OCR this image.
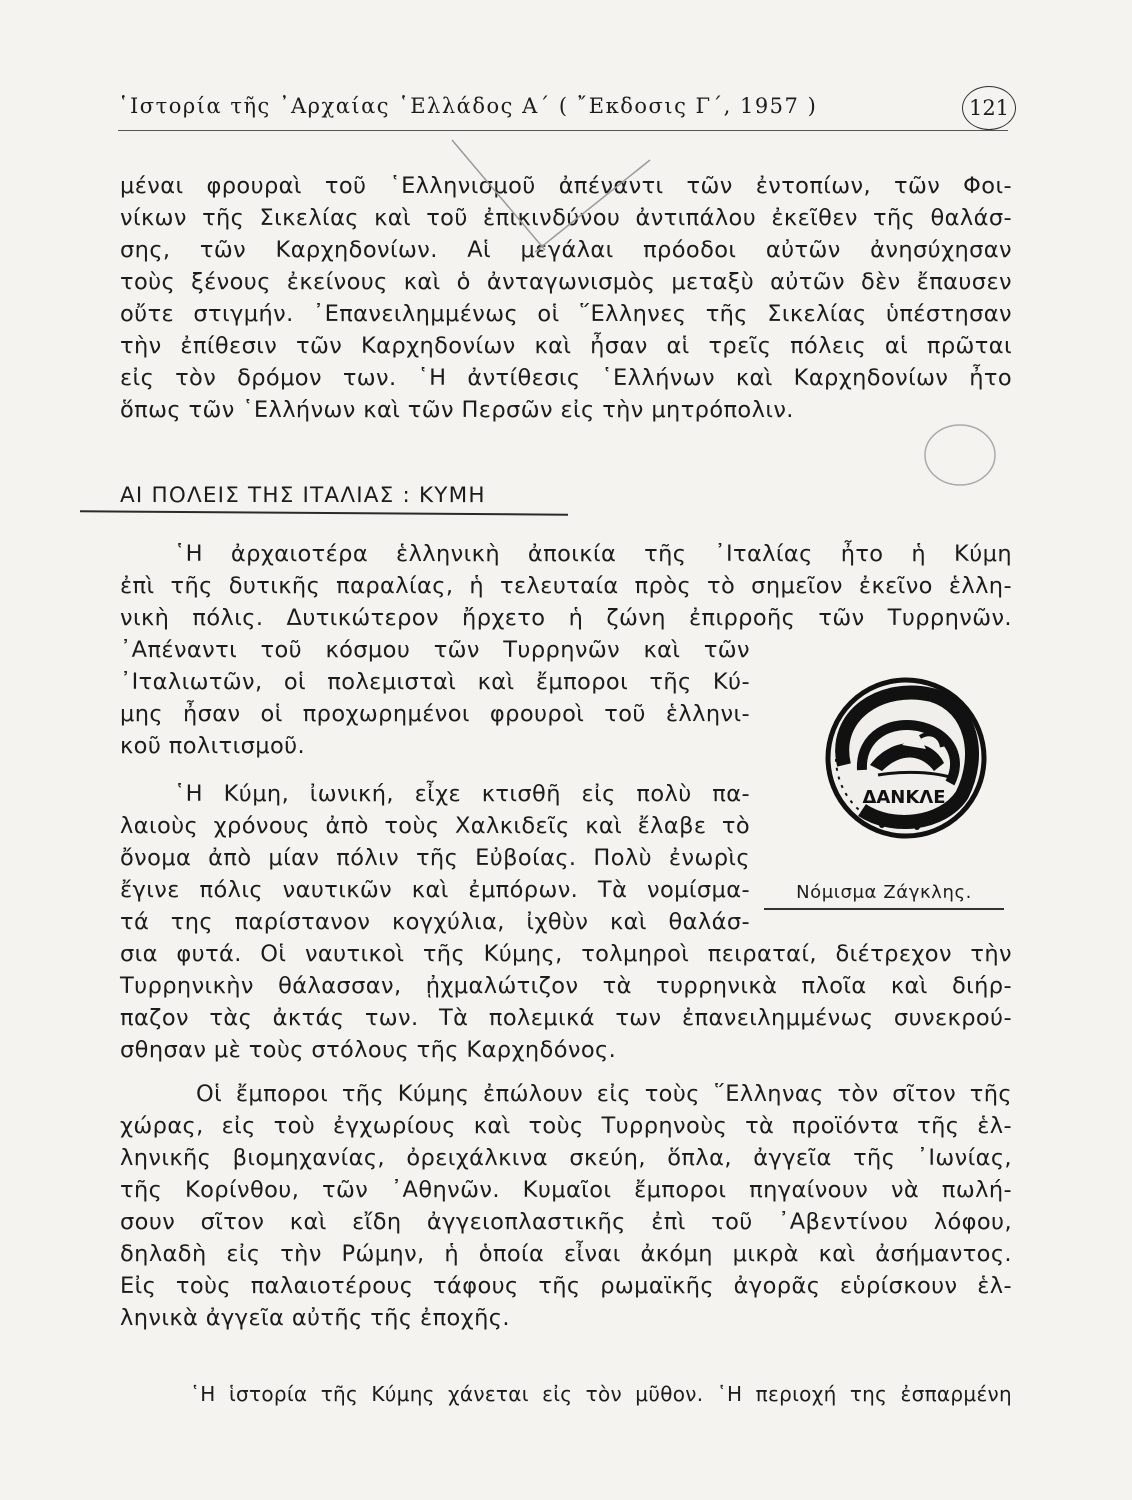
῾Ιστορία τῆς ᾿Αρχαίας ῾Ελλάδος Α΄ ( ῎Εκδοσις Γ΄, 1957 )	121
μέναι φρουραὶ τοῦ ῾Ελληνισμοῦ ἀπέναντι τῶν ἐντοπίων, τῶν Φοι-
νίκων τῆς Σικελίας καὶ τοῦ ἐπικινδύνου ἀντιπάλου ἐκεῖθεν τῆς θαλάσ-
σης, τῶν Καρχηδονίων. Αἱ μεγάλαι πρόοδοι αὐτῶν ἀνησύχησαν
τοὺς ξένους ἐκείνους καὶ ὁ ἀνταγωνισμὸς μεταξὺ αὐτῶν δὲν ἔπαυσεν
οὔτε στιγμήν. ᾿Επανειλημμένως οἱ ῞Ελληνες τῆς Σικελίας ὑπέστησαν
τὴν ἐπίθεσιν τῶν Καρχηδονίων καὶ ἦσαν αἱ τρεῖς πόλεις αἱ πρῶται
εἰς τὸν δρόμον των. ῾Η ἀντίθεσις ῾Ελλήνων καὶ Καρχηδονίων ἦτο
ὅπως τῶν ῾Ελλήνων καὶ τῶν Περσῶν εἰς τὴν μητρόπολιν.
ΑΙ ΠΟΛΕΙΣ ΤΗΣ ΙΤΑΛΙΑΣ : ΚΥΜΗ
῾Η ἀρχαιοτέρα ἑλληνικὴ ἀποικία τῆς ᾿Ιταλίας ἦτο ἡ Κύμη
ἐπὶ τῆς δυτικῆς παραλίας, ἡ τελευταία πρὸς τὸ σημεῖον ἐκεῖνο ἑλλη-
νικὴ πόλις. Δυτικώτερον ἤρχετο ἡ ζώνη ἐπιρροῆς τῶν Τυρρηνῶν.
᾿Απέναντι τοῦ κόσμου τῶν Τυρρηνῶν καὶ τῶν
᾿Ιταλιωτῶν, οἱ πολεμισταὶ καὶ ἔμποροι τῆς Κύ-
μης ἦσαν οἱ προχωρημένοι φρουροὶ τοῦ ἑλληνι-
κοῦ πολιτισμοῦ.
῾Η Κύμη, ἰωνική, εἶχε κτισθῆ εἰς πολὺ πα-
λαιοὺς χρόνους ἀπὸ τοὺς Χαλκιδεῖς καὶ ἔλαβε τὸ
ὄνομα ἀπὸ μίαν πόλιν τῆς Εὐβοίας. Πολὺ ἐνωρὶς
ἔγινε πόλις ναυτικῶν καὶ ἐμπόρων. Τὰ νομίσμα-
τά της παρίστανον κογχύλια, ἰχθὺν καὶ θαλάσ-
σια φυτά. Οἱ ναυτικοὶ τῆς Κύμης, τολμηροὶ πειραταί, διέτρεχον τὴν
Τυρρηνικὴν θάλασσαν, ᾐχμαλώτιζον τὰ τυρρηνικὰ πλοῖα καὶ διήρ-
παζον τὰς ἀκτάς των. Τὰ πολεμικά των ἐπανειλημμένως συνεκρού-
σθησαν μὲ τοὺς στόλους τῆς Καρχηδόνος.
Οἱ ἔμποροι τῆς Κύμης ἐπώλουν εἰς τοὺς ῞Ελληνας τὸν σῖτον τῆς
χώρας, εἰς τοὺ ἐγχωρίους καὶ τοὺς Τυρρηνοὺς τὰ προϊόντα τῆς ἑλ-
ληνικῆς βιομηχανίας, ὀρειχάλκινα σκεύη, ὅπλα, ἀγγεῖα τῆς ᾿Ιωνίας,
τῆς Κορίνθου, τῶν ᾿Αθηνῶν. Κυμαῖοι ἔμποροι πηγαίνουν νὰ πωλή-
σουν σῖτον καὶ εἴδη ἀγγειοπλαστικῆς ἐπὶ τοῦ ᾿Αβεντίνου λόφου,
δηλαδὴ εἰς τὴν Ρώμην, ἡ ὁποία εἶναι ἀκόμη μικρὰ καὶ ἀσήμαντος.
Εἰς τοὺς παλαιοτέρους τάφους τῆς ρωμαϊκῆς ἀγορᾶς εὑρίσκουν ἑλ-
ληνικὰ ἀγγεῖα αὐτῆς τῆς ἐποχῆς.
῾Η ἱστορία τῆς Κύμης χάνεται εἰς τὸν μῦθον. ῾Η περιοχή της ἐσπαρμένη
ΔΑΝΚΛΕ
Νόμισμα Ζάγκλης.
